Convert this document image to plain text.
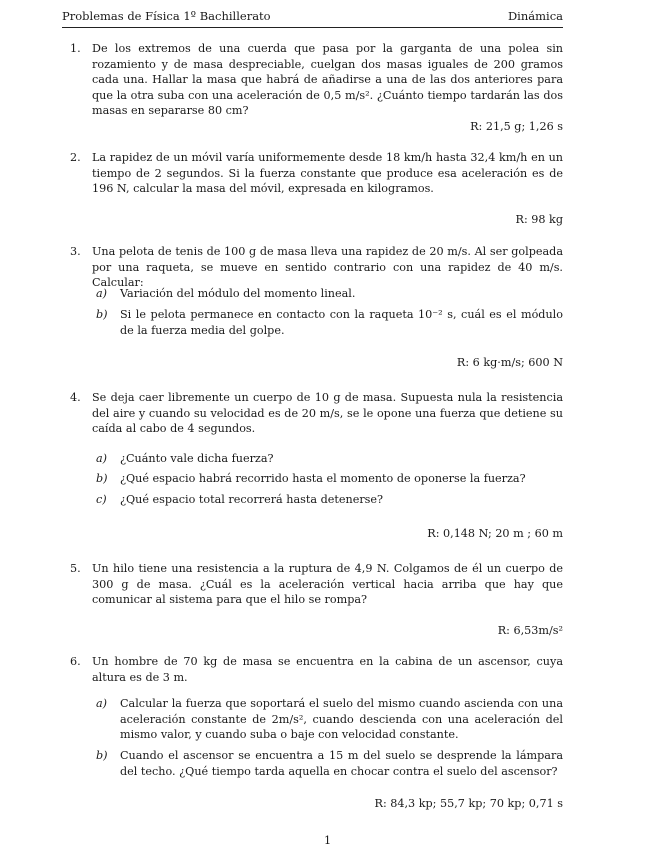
Problemas de Física 1º Bachillerato	Dinámica
1.	De los extremos de una cuerda que pasa por la garganta de una polea sin rozamiento y de masa despreciable, cuelgan dos masas iguales de 200 gramos cada una. Hallar la masa que habrá de añadirse a una de las dos anteriores para que la otra suba con una aceleración de 0,5 m/s². ¿Cuánto tiempo tardarán las dos masas en separarse 80 cm?
R: 21,5 g; 1,26 s
2.	La rapidez de un móvil varía uniformemente desde 18 km/h hasta 32,4 km/h en un tiempo de 2 segundos. Si la fuerza constante que produce esa aceleración es de 196 N, calcular la masa del móvil, expresada en kilogramos.
R: 98 kg
3.	Una pelota de tenis de 100 g de masa lleva una rapidez de 20 m/s. Al ser golpeada por una raqueta, se mueve en sentido contrario con una rapidez de 40 m/s. Calcular:
a) Variación del módulo del momento lineal.
b) Si le pelota permanece en contacto con la raqueta 10⁻² s, cuál es el módulo de la fuerza media del golpe.
R: 6 kg·m/s; 600 N
4.	Se deja caer libremente un cuerpo de 10 g de masa. Supuesta nula la resistencia del aire y cuando su velocidad es de 20 m/s, se le opone una fuerza que detiene su caída al cabo de 4 segundos.
a) ¿Cuánto vale dicha fuerza?
b) ¿Qué espacio habrá recorrido hasta el momento de oponerse la fuerza?
c) ¿Qué espacio total recorrerá hasta detenerse?
R: 0,148 N; 20 m ; 60 m
5.	Un hilo tiene una resistencia a la ruptura de 4,9 N. Colgamos de él un cuerpo de 300 g de masa. ¿Cuál es la aceleración vertical hacia arriba que hay que comunicar al sistema para que el hilo se rompa?
R: 6,53m/s²
6.	Un hombre de 70 kg de masa se encuentra en la cabina de un ascensor, cuya altura es de 3 m.
a) Calcular la fuerza que soportará el suelo del mismo cuando ascienda con una aceleración constante de 2m/s², cuando descienda con una aceleración del mismo valor, y cuando suba o baje con velocidad constante.
b) Cuando el ascensor se encuentra a 15 m del suelo se desprende la lámpara del techo. ¿Qué tiempo tarda aquella en chocar contra el suelo del ascensor?
R: 84,3 kp; 55,7 kp; 70 kp; 0,71 s
1
